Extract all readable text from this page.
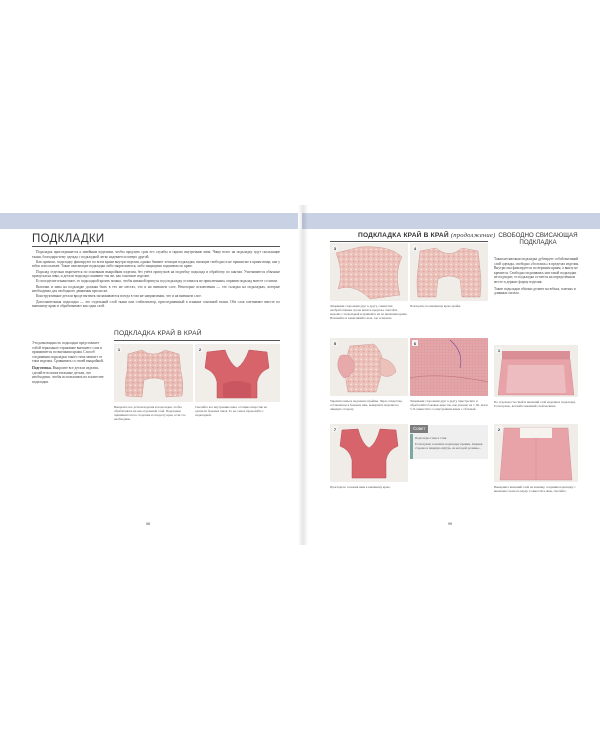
ПОДКЛАДКИ

Подкладка присоединяется к швейным изделиям, чтобы продлить срок его службы и скрыть внутренние швы. Чаще всего на подкладку идут скользящие ткани, благодаря чему одежда с подкладкой легко надевается поверх другой.

Как правило, подкладку фиксируют по всем краям внутри изделия, однако бывают летящие подкладки, висящие свободно и не пришитые к краям вещи, как у юбок или платьев. Такие свисающие подкладки либо закрепляются, либо защищены подшивом по краю.

Подклад отдельно вырезается по основным выкройкам изделия, без учёта припусков на подгибку подклада и обработку по кантам. Учитываются обычные припуски на швы, и детали подклада сшивают так же, как основное изделие.

Если изделие изнаночное, то подкладкой кроить можно, чтобы никакой припуск под подкладку оставался не приклеенным, оправив подклад вместе со швом.

Вытачки и швы на подкладке должны быть в тех же местах, что и на внешнем слое. Некоторые исключения — это складки на подкладках, которые необходимы для свободного движения при носке.

Конструктивные детали вроде вытачек заглаживаются всегда в том же направлении, что и на внешнем слое.

Дополнительная подкладка — это отдельный слой ткани или стабилизатор, присоединенный к изнанке основной ткани. Оба слоя сметывают вместе по внешнему краю и обрабатывают как один слой.

ПОДКЛАДКА КРАЙ В КРАЙ

Эта разновидность подкладки представляет собой зеркальное отражение внешнего слоя и пришивается по внешним краям. Способ соединения подкладки такого типа зависит от типа изделия. Сравнивать со своей выкройкой.

Подготовка. Выкроите все детали изделия, сделайте вспомогательные детали, что необходимо, чтобы использовать их в качестве подкладки.

1
Выкроите все детали изделия и подкладки, чтобы обрабатывать их как отдельный слой. Подкладки пришиваются по сторонам и отвороту края, если это необходимо.
2
Сметайте все внутренние швы, оставив отверстие на одном из боковых швов. То же самое проделайте с подкладкой.
98
ПОДКЛАДКА КРАЙ В КРАЙ (продолжение)
3
Лицевыми сторонами друг к другу, совместив необработанные срезы швов и прорезы, сметайте изделие с подкладкой и пришейте их по внешним краям. Начинайте и заканчивайте шов, где отмечено.
4
Повторите по внешнему краю пройм.
5
Укрепите швы и надсеките проймы. Через отверстие, оставленное в боковом шве, выверните изделие на лицевую сторону.
6
Лицевыми сторонами друг к другу пристрочите и обработайте боковые швы так, как указано на с. 82, шаги 5–8 совместите со внутренним швом с обтачкой.
7
Прогладьте, заложив швы к внешнему краю.
Совет
Подкладка стык в стык
Если нужно заложить подкладку краями, лицевая сторона в лицевую внутрь, на которой должны...
СВОБОДНО СВИСАЮЩАЯ ПОДКЛАДКА

Такая несквозная подкладка дублирует собой внешний слой одежды, свободно «болтаясь» в пределах изделия. Внутри она фиксируется по верхним краям, а внизу не крепится. Свободно подшиваясь низ такой подкладки не подходит, то подкладка остается на определённом месте и держит форму изделия.

Такие подкладки обычно делают на юбках, платьях и длинных пальто.

1
По отдельности сшейте внешний слой изделия и подкладку. Если нужно, втачайте внешний слой молнию.
2
Выверните внешний слой на изнанку, соединив подкладку с внешним слоем по верху. Совместите швы, сметайте.
99
